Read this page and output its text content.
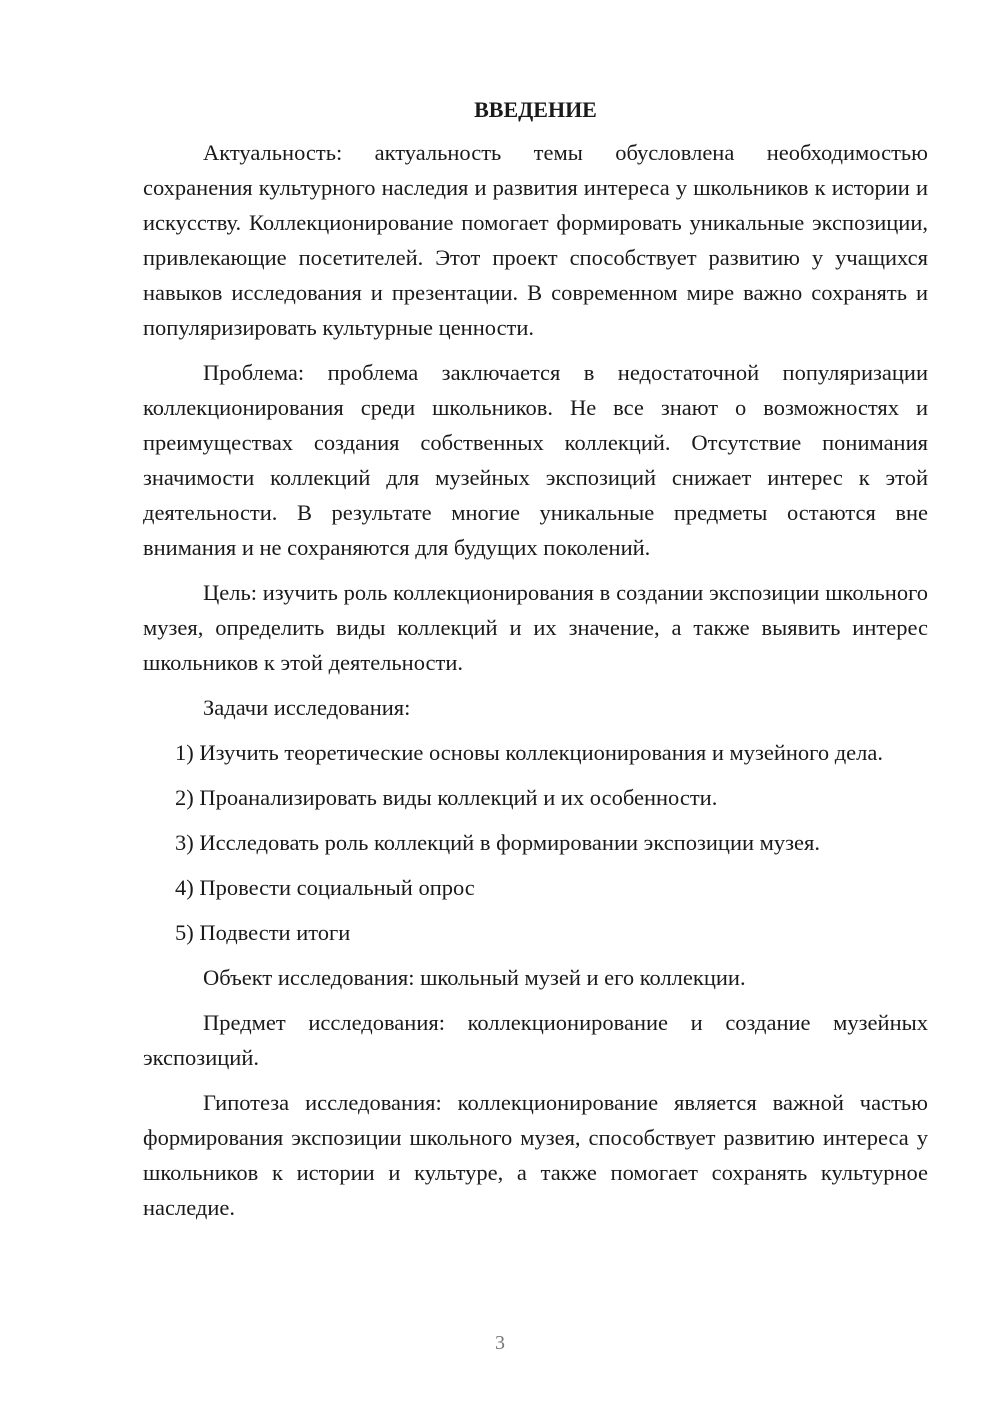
ВВЕДЕНИЕ

Актуальность: актуальность темы обусловлена необходимостью сохранения культурного наследия и развития интереса у школьников к истории и искусству. Коллекционирование помогает формировать уникальные экспозиции, привлекающие посетителей. Этот проект способствует развитию у учащихся навыков исследования и презентации. В современном мире важно сохранять и популяризировать культурные ценности.

Проблема: проблема заключается в недостаточной популяризации коллекционирования среди школьников. Не все знают о возможностях и преимуществах создания собственных коллекций. Отсутствие понимания значимости коллекций для музейных экспозиций снижает интерес к этой деятельности. В результате многие уникальные предметы остаются вне внимания и не сохраняются для будущих поколений.

Цель: изучить роль коллекционирования в создании экспозиции школьного музея, определить виды коллекций и их значение, а также выявить интерес школьников к этой деятельности.

Задачи исследования:

1) Изучить теоретические основы коллекционирования и музейного дела.

2) Проанализировать виды коллекций и их особенности.

3) Исследовать роль коллекций в формировании экспозиции музея.

4) Провести социальный опрос

5) Подвести итоги

Объект исследования: школьный музей и его коллекции.

Предмет исследования: коллекционирование и создание музейных экспозиций.

Гипотеза исследования: коллекционирование является важной частью формирования экспозиции школьного музея, способствует развитию интереса у школьников к истории и культуре, а также помогает сохранять культурное наследие.

3
